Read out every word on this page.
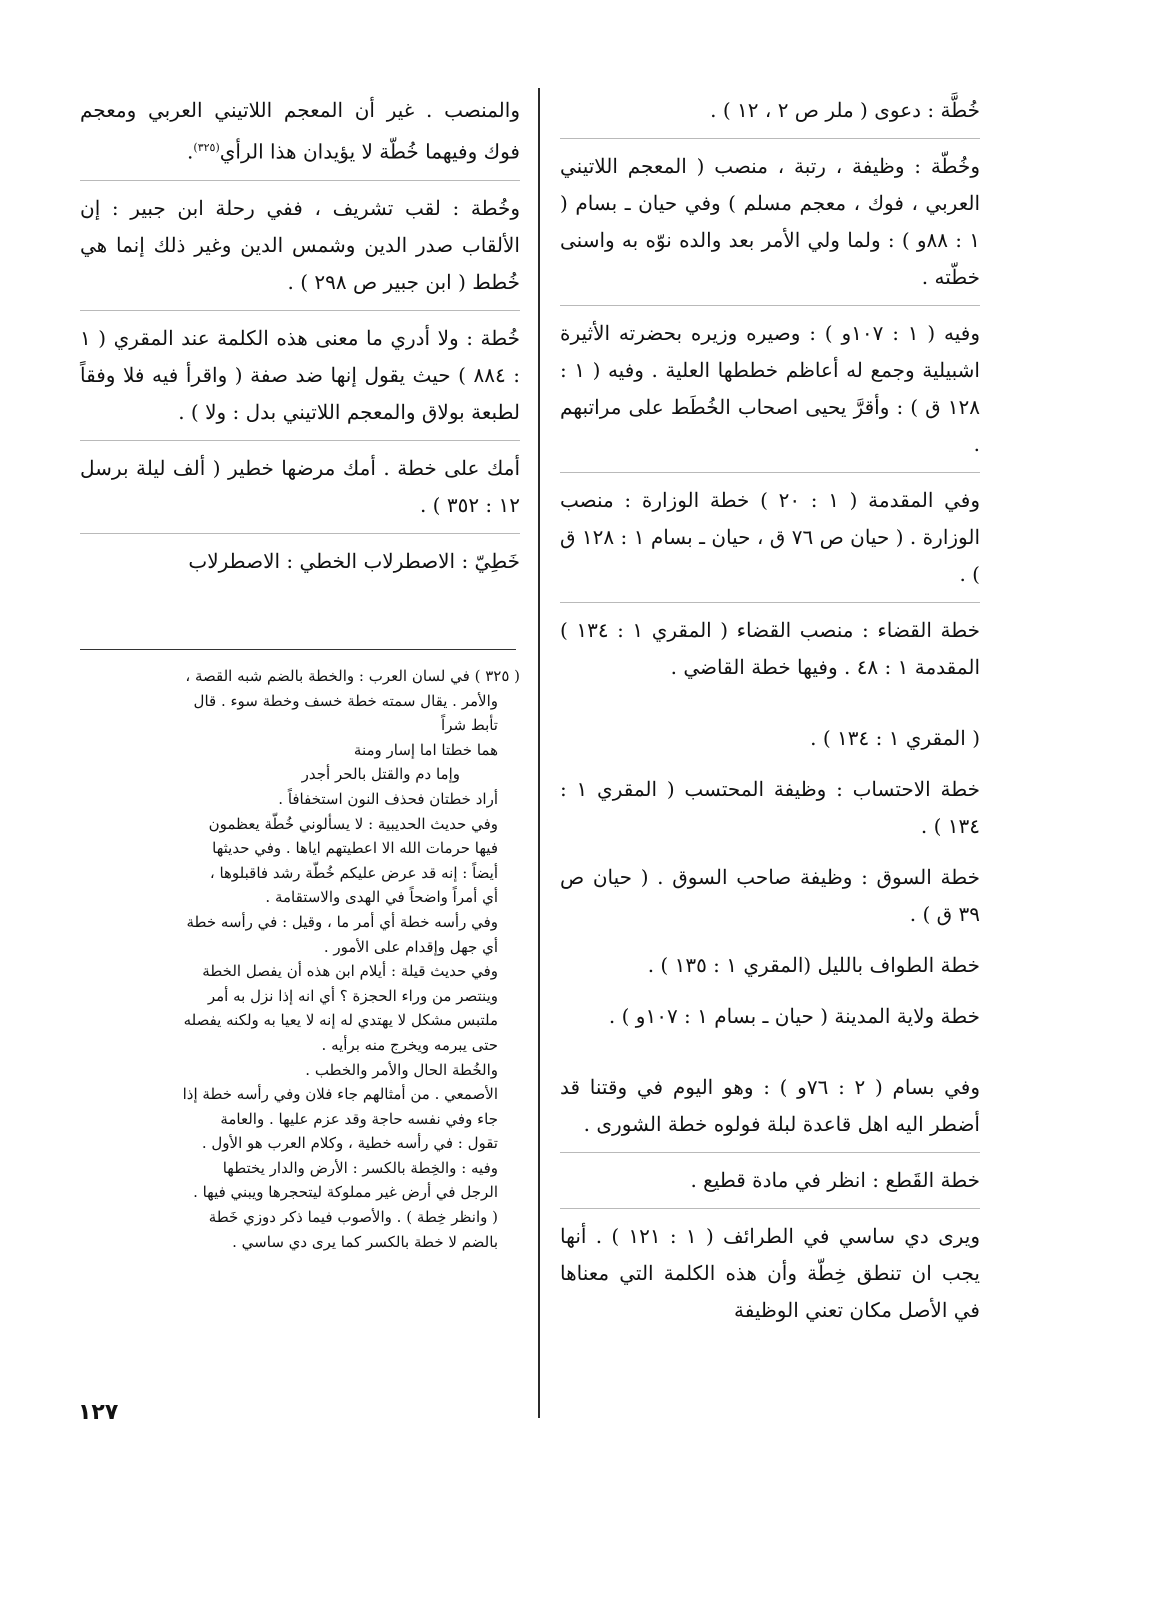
خُطَّة : دعوى ( ملر ص ٢ ، ١٢ ) .

وخُطّة : وظيفة ، رتبة ، منصب ( المعجم اللاتيني العربي ، فوك ، معجم مسلم ) وفي حيان ـ بسام ( ١ : ٨٨و ) : ولما ولي الأمر بعد والده نوّه به واسنى خطّته .

وفيه ( ١ : ١٠٧و ) : وصيره وزيره بحضرته الأثيرة اشبيلية وجمع له أعاظم خططها العلية . وفيه ( ١ : ١٢٨ ق ) : وأقرَّ يحيى اصحاب الخُطَط على مراتبهم .

وفي المقدمة ( ١ : ٢٠ ) خطة الوزارة : منصب الوزارة . ( حيان ص ٧٦ ق ، حيان ـ بسام ١ : ١٢٨ ق ) .

خطة القضاء : منصب القضاء ( المقري ١ : ١٣٤ ) المقدمة ١ : ٤٨ . وفيها خطة القاضي .

( المقري ١ : ١٣٤ ) .

خطة الاحتساب : وظيفة المحتسب ( المقري ١ : ١٣٤ ) .

خطة السوق : وظيفة صاحب السوق . ( حيان ص ٣٩ ق ) .

خطة الطواف بالليل (المقري ١ : ١٣٥ ) .

خطة ولاية المدينة ( حيان ـ بسام ١ : ١٠٧و ) .

وفي بسام ( ٢ : ٧٦و ) : وهو اليوم في وقتنا قد أضطر اليه اهل قاعدة لبلة فولوه خطة الشورى .

خطة القَطع : انظر في مادة قطيع .

ويرى دي ساسي في الطرائف ( ١ : ١٢١ ) . أنها يجب ان تنطق خِطّة وأن هذه الكلمة التي معناها في الأصل مكان تعني الوظيفة

والمنصب . غير أن المعجم اللاتيني العربي ومعجم فوك وفيهما خُطّة لا يؤيدان هذا الرأي$^{(٣٢٥)}$.

وخُطة : لقب تشريف ، ففي رحلة ابن جبير : إن الألقاب صدر الدين وشمس الدين وغير ذلك إنما هي خُطط ( ابن جبير ص ٢٩٨ ) .

خُطة : ولا أدري ما معنى هذه الكلمة عند المقري ( ١ : ٨٨٤ ) حيث يقول إنها ضد صفة ( واقرأ فيه فلا وفقاً لطبعة بولاق والمعجم اللاتيني بدل : ولا ) .

أمك على خطة . أمك مرضها خطير ( ألف ليلة برسل ١٢ : ٣٥٢ ) .

خَطِيّ : الاصطرلاب الخطي : الاصطرلاب

( ٣٢٥ ) في لسان العرب : والخطة بالضم شبه القصة ،

والأمر . يقال سمته خطة خسف وخطة سوء . قال

تأبط شراً

هما خطتا اما إسار ومنة

وإما دم والقتل بالحر أجدر

أراد خطتان فحذف النون استخفافاً .

وفي حديث الحديبية : لا يسألوني خُطّة يعظمون

فيها حرمات الله الا اعطيتهم اياها . وفي حديثها

أيضاً : إنه قد عرض عليكم خُطّة رشد فاقبلوها ،

أي أمراً واضحاً في الهدى والاستقامة .

وفي رأسه خطة أي أمر ما ، وقيل : في رأسه خطة

أي جهل وإقدام على الأمور .

وفي حديث قيلة : أيلام ابن هذه أن يفصل الخطة

وينتصر من وراء الحجزة ؟ أي انه إذا نزل به أمر

ملتبس مشكل لا يهتدي له إنه لا يعيا به ولكنه يفصله

حتى يبرمه ويخرج منه برأيه .

والخُطة الحال والأمر والخطب .

الأصمعي . من أمثالهم جاء فلان وفي رأسه خطة إذا

جاء وفي نفسه حاجة وقد عزم عليها . والعامة

تقول : في رأسه خطية ، وكلام العرب هو الأول .

وفيه : والخِطة بالكسر : الأرض والدار يختطها

الرجل في أرض غير مملوكة ليتحجرها ويبني فيها .

( وانظر خِطة ) . والأصوب فيما ذكر دوزي خَطة

بالضم لا خطة بالكسر كما يرى دي ساسي .

١٢٧
